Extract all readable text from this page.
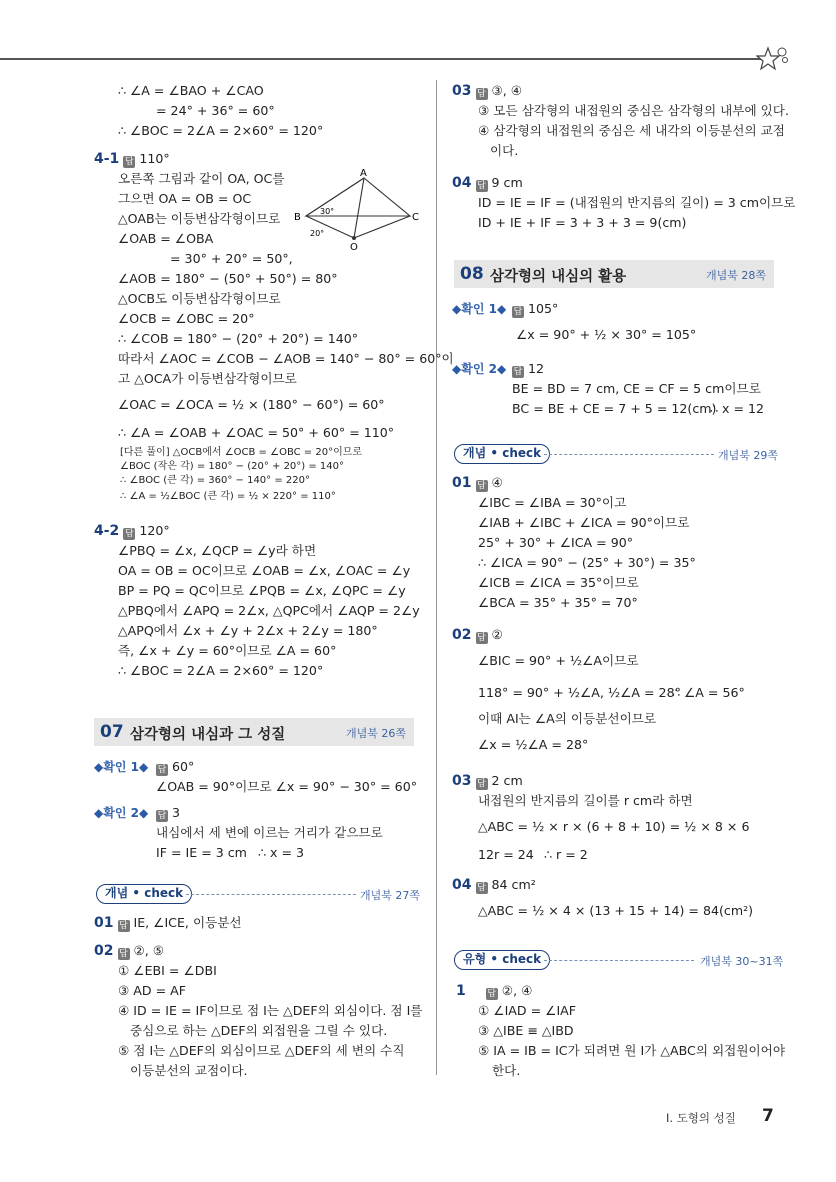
∴ ∠A = ∠BAO + ∠CAO
= 24° + 36° = 60°
∴ ∠BOC = 2∠A = 2×60° = 120°
4-1 답 110°
오른쪽 그림과 같이 OA, OC를
그으면 OA = OB = OC
△OAB는 이등변삼각형이므로
∠OAB = ∠OBA
= 30° + 20° = 50°,
∠AOB = 180° − (50° + 50°) = 80°
△OCB도 이등변삼각형이므로
∠OCB = ∠OBC = 20°
∴ ∠COB = 180° − (20° + 20°) = 140°
따라서 ∠AOC = ∠COB − ∠AOB = 140° − 80° = 60°이
고 △OCA가 이등변삼각형이므로
∠OAC = ∠OCA = ½ × (180° − 60°) = 60°
∴ ∠A = ∠OAB + ∠OAC = 50° + 60° = 110°
[다른 풀이] △OCB에서 ∠OCB = ∠OBC = 20°이므로
∠BOC (작은 각) = 180° − (20° + 20°) = 140°
∴ ∠BOC (큰 각) = 360° − 140° = 220°
∴ ∠A = ½∠BOC (큰 각) = ½ × 220° = 110°
A
B	C
O
30°
20°
4-2 답 120°
∠PBQ = ∠x, ∠QCP = ∠y라 하면
OA = OB = OC이므로 ∠OAB = ∠x, ∠OAC = ∠y
BP = PQ = QC이므로 ∠PQB = ∠x, ∠QPC = ∠y
△PBQ에서 ∠APQ = 2∠x, △QPC에서 ∠AQP = 2∠y
△APQ에서 ∠x + ∠y + 2∠x + 2∠y = 180°
즉, ∠x + ∠y = 60°이므로 ∠A = 60°
∴ ∠BOC = 2∠A = 2×60° = 120°
07 삼각형의 내심과 그 성질	개념북 26쪽
◆확인 1◆ 답 60°
∠OAB = 90°이므로 ∠x = 90° − 30° = 60°
◆확인 2◆ 답 3
내심에서 세 변에 이르는 거리가 같으므로
IF = IE = 3 cm ∴ x = 3
개념 • check	개념북 27쪽
01 답 IE, ∠ICE, 이등분선
02 답 ②, ⑤
① ∠EBI = ∠DBI
③ AD = AF
④ ID = IE = IF이므로 점 I는 △DEF의 외심이다. 점 I를
중심으로 하는 △DEF의 외접원을 그릴 수 있다.
⑤ 점 I는 △DEF의 외심이므로 △DEF의 세 변의 수직
이등분선의 교점이다.
03 답 ③, ④
③ 모든 삼각형의 내접원의 중심은 삼각형의 내부에 있다.
④ 삼각형의 내접원의 중심은 세 내각의 이등분선의 교점
이다.
04 답 9 cm
ID = IE = IF = (내접원의 반지름의 길이) = 3 cm이므로
ID + IE + IF = 3 + 3 + 3 = 9(cm)
08 삼각형의 내심의 활용	개념북 28쪽
◆확인 1◆ 답 105°
∠x = 90° + ½ × 30° = 105°
◆확인 2◆ 답 12
BE = BD = 7 cm, CE = CF = 5 cm이므로
BC = BE + CE = 7 + 5 = 12(cm)
∴ x = 12
개념 • check	개념북 29쪽
01 답 ④
∠IBC = ∠IBA = 30°이고
∠IAB + ∠IBC + ∠ICA = 90°이므로
25° + 30° + ∠ICA = 90°
∴ ∠ICA = 90° − (25° + 30°) = 35°
∠ICB = ∠ICA = 35°이므로
∠BCA = 35° + 35° = 70°
02 답 ②
∠BIC = 90° + ½∠A이므로
118° = 90° + ½∠A, ½∠A = 28°
∴ ∠A = 56°
이때 AI는 ∠A의 이등분선이므로
∠x = ½∠A = 28°
03 답 2 cm
내접원의 반지름의 길이를 r cm라 하면
△ABC = ½ × r × (6 + 8 + 10) = ½ × 8 × 6
12r = 24 ∴ r = 2
04 답 84 cm²
△ABC = ½ × 4 × (13 + 15 + 14) = 84(cm²)
유형 • check	개념북 30~31쪽
1 답 ②, ④
① ∠IAD = ∠IAF
③ △IBE ≡ △IBD
⑤ IA = IB = IC가 되려면 원 I가 △ABC의 외접원이어야
한다.
Ⅰ. 도형의 성질 7
